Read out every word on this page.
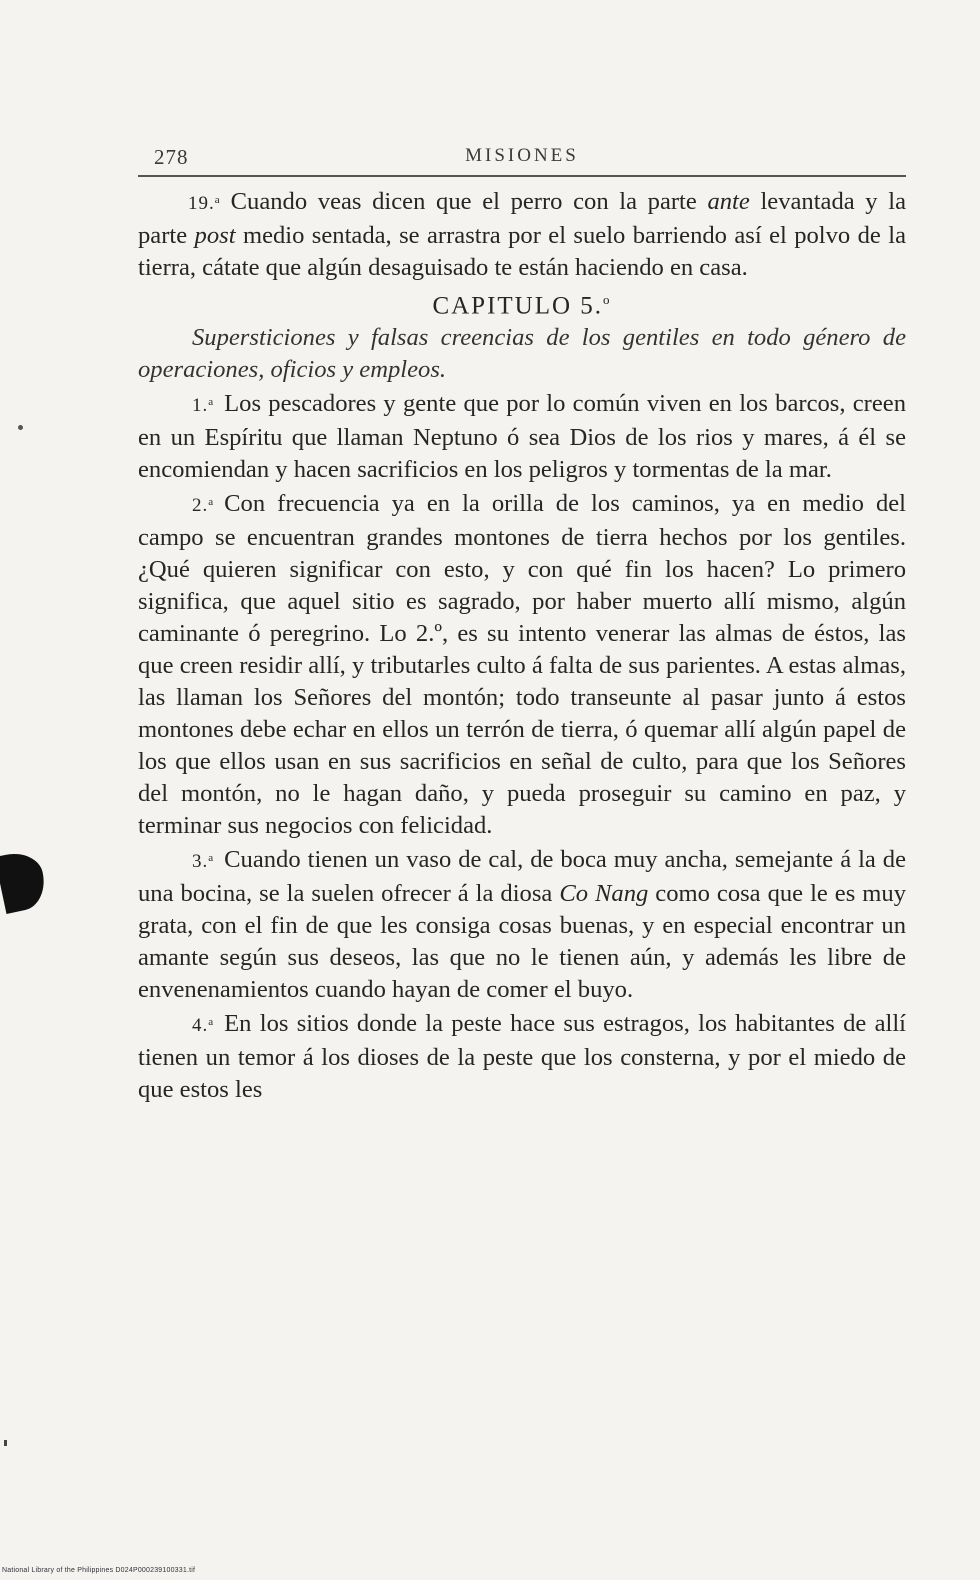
278	MISIONES

19.$^a$ Cuando veas dicen que el perro con la parte ante levantada y la parte post medio sentada, se arrastra por el suelo barriendo así el polvo de la tierra, cátate que algún desaguisado te están haciendo en casa.

CAPITULO 5.$^o$

Supersticiones y falsas creencias de los gentiles en todo género de operaciones, oficios y empleos.

1.$^a$ Los pescadores y gente que por lo común viven en los barcos, creen en un Espíritu que llaman Neptuno ó sea Dios de los rios y mares, á él se encomiendan y hacen sacrificios en los peligros y tormentas de la mar.

2.$^a$ Con frecuencia ya en la orilla de los caminos, ya en medio del campo se encuentran grandes montones de tierra hechos por los gentiles. ¿Qué quieren significar con esto, y con qué fin los hacen? Lo primero significa, que aquel sitio es sagrado, por haber muerto allí mismo, algún caminante ó peregrino. Lo 2.º, es su intento venerar las almas de éstos, las que creen residir allí, y tributarles culto á falta de sus parientes. A estas almas, las llaman los Señores del montón; todo transeunte al pasar junto á estos montones debe echar en ellos un terrón de tierra, ó quemar allí algún papel de los que ellos usan en sus sacrificios en señal de culto, para que los Señores del montón, no le hagan daño, y pueda proseguir su camino en paz, y terminar sus negocios con felicidad.

3.$^a$ Cuando tienen un vaso de cal, de boca muy ancha, semejante á la de una bocina, se la suelen ofrecer á la diosa Co Nang como cosa que le es muy grata, con el fin de que les consiga cosas buenas, y en especial encontrar un amante según sus deseos, las que no le tienen aún, y además les libre de envenenamientos cuando hayan de comer el buyo.

4.$^a$ En los sitios donde la peste hace sus estragos, los habitantes de allí tienen un temor á los dioses de la peste que los consterna, y por el miedo de que estos les

National Library of the Philippines D024P000239100331.tif
